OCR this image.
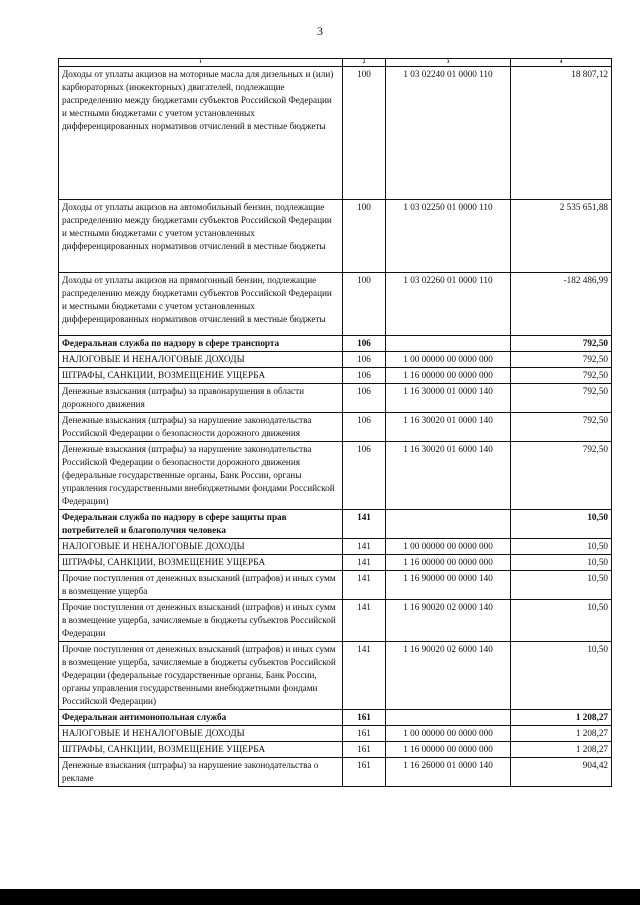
3
1	2	3	4
Доходы от уплаты акцизов на моторные масла для дизельных и (или) карбюраторных (инжекторных) двигателей, подлежащие распределению между бюджетами субъектов Российской Федерации и местными бюджетами с учетом установленных дифференцированных нормативов отчислений в местные бюджеты	100	1 03 02240 01 0000 110	18 807,12
Доходы от уплаты акцизов на автомобильный бензин, подлежащие распределению между бюджетами субъектов Российской Федерации и местными бюджетами с учетом установленных дифференцированных нормативов отчислений в местные бюджеты	100	1 03 02250 01 0000 110	2 535 651,88
Доходы от уплаты акцизов на прямогонный бензин, подлежащие распределению между бюджетами субъектов Российской Федерации и местными бюджетами с учетом установленных дифференцированных нормативов отчислений в местные бюджеты	100	1 03 02260 01 0000 110	-182 486,99
Федеральная служба по надзору в сфере транспорта	106		792,50
НАЛОГОВЫЕ И НЕНАЛОГОВЫЕ ДОХОДЫ	106	1 00 00000 00 0000 000	792,50
ШТРАФЫ, САНКЦИИ, ВОЗМЕЩЕНИЕ УЩЕРБА	106	1 16 00000 00 0000 000	792,50
Денежные взыскания (штрафы) за правонарушения в области дорожного движения	106	1 16 30000 01 0000 140	792,50
Денежные взыскания (штрафы) за нарушение законодательства Российской Федерации о безопасности дорожного движения	106	1 16 30020 01 0000 140	792,50
Денежные взыскания (штрафы) за нарушение законодательства Российской Федерации о безопасности дорожного движения (федеральные государственные органы, Банк России, органы управления государственными внебюджетными фондами Российской Федерации)	106	1 16 30020 01 6000 140	792,50
Федеральная служба по надзору в сфере защиты прав потребителей и благополучия человека	141		10,50
НАЛОГОВЫЕ И НЕНАЛОГОВЫЕ ДОХОДЫ	141	1 00 00000 00 0000 000	10,50
ШТРАФЫ, САНКЦИИ, ВОЗМЕЩЕНИЕ УЩЕРБА	141	1 16 00000 00 0000 000	10,50
Прочие поступления от денежных взысканий (штрафов) и иных сумм в возмещение ущерба	141	1 16 90000 00 0000 140	10,50
Прочие поступления от денежных взысканий (штрафов) и иных сумм в возмещение ущерба, зачисляемые в бюджеты субъектов Российской Федерации	141	1 16 90020 02 0000 140	10,50
Прочие поступления от денежных взысканий (штрафов) и иных сумм в возмещение ущерба, зачисляемые в бюджеты субъектов Российской Федерации (федеральные государственные органы, Банк России, органы управления государственными внебюджетными фондами Российской Федерации)	141	1 16 90020 02 6000 140	10,50
Федеральная антимонопольная служба	161		1 208,27
НАЛОГОВЫЕ И НЕНАЛОГОВЫЕ ДОХОДЫ	161	1 00 00000 00 0000 000	1 208,27
ШТРАФЫ, САНКЦИИ, ВОЗМЕЩЕНИЕ УЩЕРБА	161	1 16 00000 00 0000 000	1 208,27
Денежные взыскания (штрафы) за нарушение законодательства о рекламе	161	1 16 26000 01 0000 140	904,42
